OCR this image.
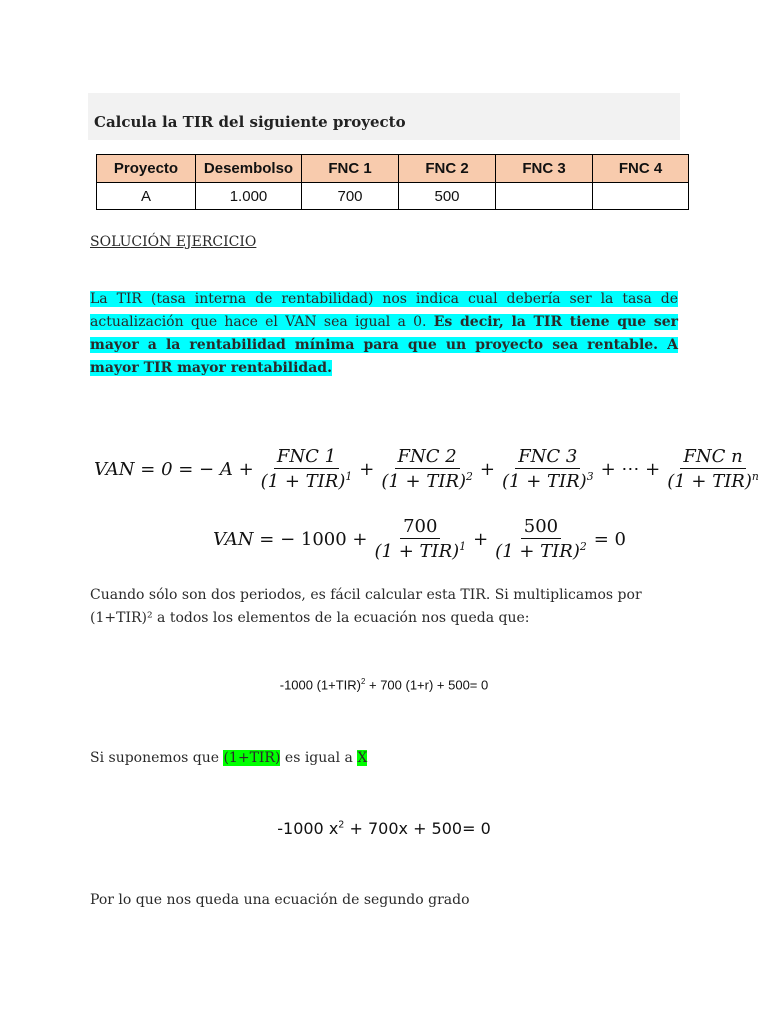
Calcula la TIR del siguiente proyecto
Proyecto	Desembolso	FNC 1	FNC 2	FNC 3	FNC 4
A	1.000	700	500		
SOLUCIÓN EJERCICIO

La TIR (tasa interna de rentabilidad) nos indica cual debería ser la tasa de actualización que hace el VAN sea igual a 0. Es decir, la TIR tiene que ser mayor a la rentabilidad mínima para que un proyecto sea rentable. A mayor TIR mayor rentabilidad.

VAN
= 0 = − $A + \frac{\text{FNC 1}}{(1 + TIR)^1} + \frac{\text{FNC 2}}{(1 + TIR)^2} + \frac{\text{FNC 3}}{(1 + TIR)^3}$ + ⋯ + $\frac{\text{FNC n}}{(1 + TIR)^n}$
VAN
= − $1000 + \frac{700}{(1 + TIR)^1} + \frac{500}{(1 + TIR)^2} = 0$

Cuando sólo son dos periodos, es fácil calcular esta TIR. Si multiplicamos por (1+TIR)² a todos los elementos de la ecuación nos queda que:

-1000 $(1+TIR)^2 + 700$ (1+r) + 500= 0

Si suponemos que (1+TIR) es igual a X

-1000 $x^2 + 700x + 500= 0$

Por lo que nos queda una ecuación de segundo grado
